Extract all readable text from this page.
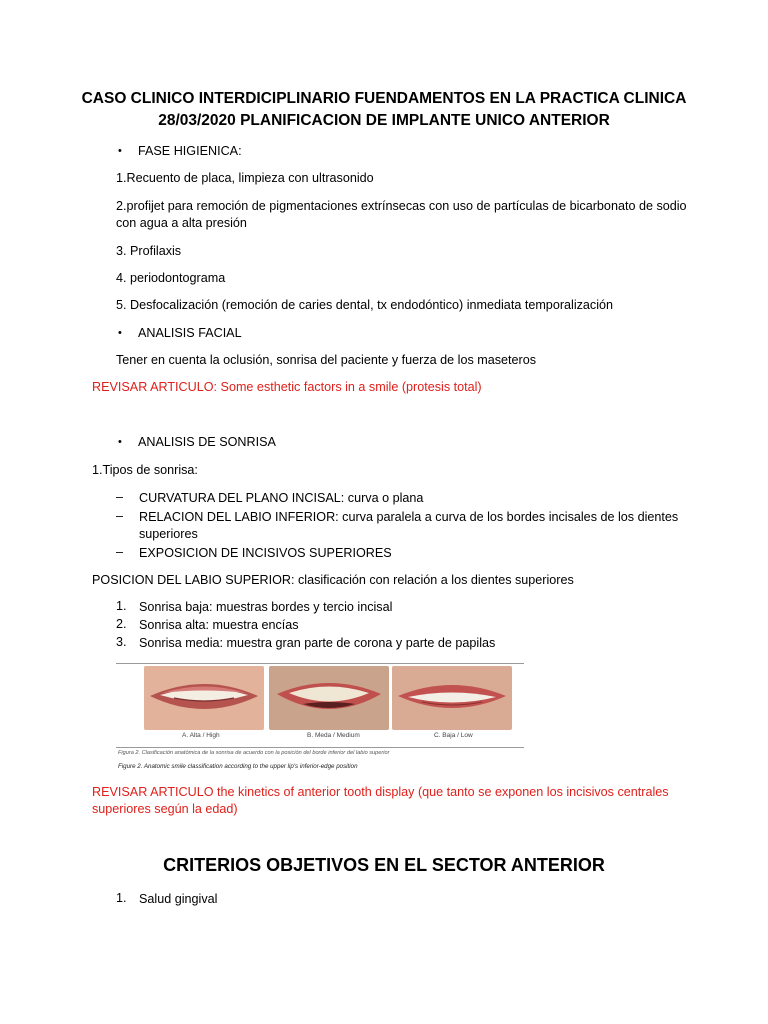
CASO CLINICO INTERDICIPLINARIO FUENDAMENTOS EN LA PRACTICA CLINICA

28/03/2020 PLANIFICACION DE IMPLANTE UNICO ANTERIOR

• FASE HIGIENICA:

1.Recuento de placa, limpieza con ultrasonido

2.profijet para remoción de pigmentaciones extrínsecas con uso de partículas de bicarbonato de sodio con agua a alta presión

3. Profilaxis

4. periodontograma

5. Desfocalización (remoción de caries dental, tx endodóntico) inmediata temporalización

• ANALISIS FACIAL

Tener en cuenta la oclusión, sonrisa del paciente y fuerza de los maseteros

REVISAR ARTICULO: Some esthetic factors in a smile (protesis total)

• ANALISIS DE SONRISA

1.Tipos de sonrisa:

– CURVATURA DEL PLANO INCISAL: curva o plana

– RELACION DEL LABIO INFERIOR: curva paralela a curva de los bordes incisales de los dientes superiores

– EXPOSICION DE INCISIVOS SUPERIORES

POSICION DEL LABIO SUPERIOR: clasificación con relación a los dientes superiores

1. Sonrisa baja: muestras bordes y tercio incisal

2. Sonrisa alta: muestra encías

3. Sonrisa media: muestra gran parte de corona y parte de papilas

A. Alta / High	B. Meda / Medium	C. Baja / Low
Figura 2. Clasificación anatómica de la sonrisa de acuerdo con la posición del borde inferior del labio superior
Figure 2. Anatomic smile classification according to the upper lip's inferior-edge position

REVISAR ARTICULO the kinetics of anterior tooth display (que tanto se exponen los incisivos centrales superiores según la edad)

CRITERIOS OBJETIVOS EN EL SECTOR ANTERIOR

1. Salud gingival
